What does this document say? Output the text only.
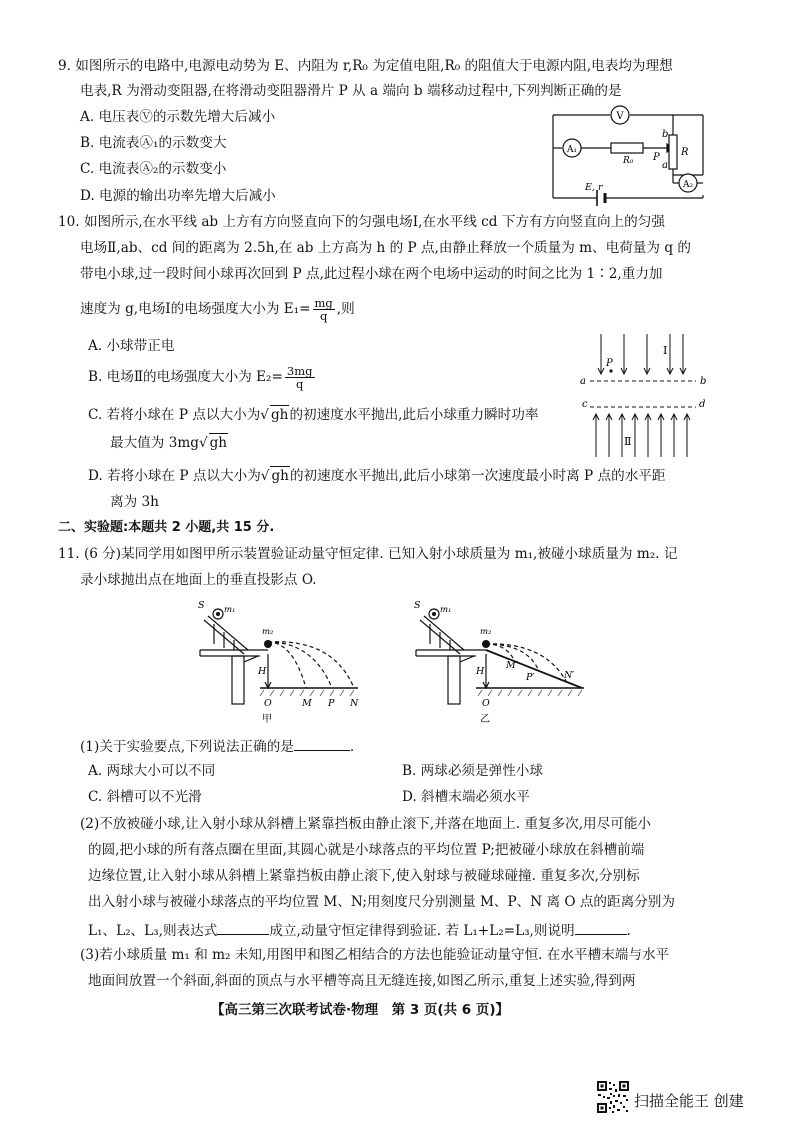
9. 如图所示的电路中,电源电动势为 E、内阻为 r,R₀ 为定值电阻,R₀ 的阻值大于电源内阻,电表均为理想
电表,R 为滑动变阻器,在将滑动变阻器滑片 P 从 a 端向 b 端移动过程中,下列判断正确的是
A. 电压表Ⓥ的示数先增大后减小
B. 电流表Ⓐ₁的示数变大
C. 电流表Ⓐ₂的示数变小
D. 电源的输出功率先增大后减小
V
A₁
A₂
R₀
R
P
b
a
E, r
10. 如图所示,在水平线 ab 上方有方向竖直向下的匀强电场Ⅰ,在水平线 cd 下方有方向竖直向上的匀强
电场Ⅱ,ab、cd 间的距离为 2.5h,在 ab 上方高为 h 的 P 点,由静止释放一个质量为 m、电荷量为 q 的
带电小球,过一段时间小球再次回到 P 点,此过程小球在两个电场中运动的时间之比为 1∶2,重力加
速度为 g,电场Ⅰ的电场强度大小为 $E_1= \frac{mg}{q}$ ,则
A. 小球带正电
B. 电场Ⅱ的电场强度大小为 $E_2= \frac{3mg}{q}$
C. 若将小球在 P 点以大小为√ gh的初速度水平抛出,此后小球重力瞬时功率
最大值为 3mg√ gh
D. 若将小球在 P 点以大小为√ gh的初速度水平抛出,此后小球第一次速度最小时离 P 点的水平距
离为 3h
P
Ⅰ
Ⅱ
a	b
c	d
二、实验题:本题共 2 小题,共 15 分.
11. (6 分)某同学用如图甲所示装置验证动量守恒定律. 已知入射小球质量为 m₁,被碰小球质量为 m₂. 记
录小球抛出点在地面上的垂直投影点 O.
S m₁
m₂
H
O	M P N
甲
S m₁
m₂
H
O
M′
P′	N′
乙
(1)关于实验要点,下列说法正确的是	.
A. 两球大小可以不同	B. 两球必须是弹性小球
C. 斜槽可以不光滑	D. 斜槽末端必须水平
(2)不放被碰小球,让入射小球从斜槽上紧靠挡板由静止滚下,并落在地面上. 重复多次,用尽可能小
的圆,把小球的所有落点圈在里面,其圆心就是小球落点的平均位置 P;把被碰小球放在斜槽前端
边缘位置,让入射小球从斜槽上紧靠挡板由静止滚下,使入射球与被碰球碰撞. 重复多次,分别标
出入射小球与被碰小球落点的平均位置 M、N;用刻度尺分别测量 M、P、N 离 O 点的距离分别为
L₁、L₂、L₃,则表达式	成立,动量守恒定律得到验证. 若 L₁+L₂=L₃,则说明	.
(3)若小球质量 m₁ 和 m₂ 未知,用图甲和图乙相结合的方法也能验证动量守恒. 在水平槽末端与水平
地面间放置一个斜面,斜面的顶点与水平槽等高且无缝连接,如图乙所示,重复上述实验,得到两
【高三第三次联考试卷·物理　第 3 页(共 6 页)】
扫描全能王 创建
